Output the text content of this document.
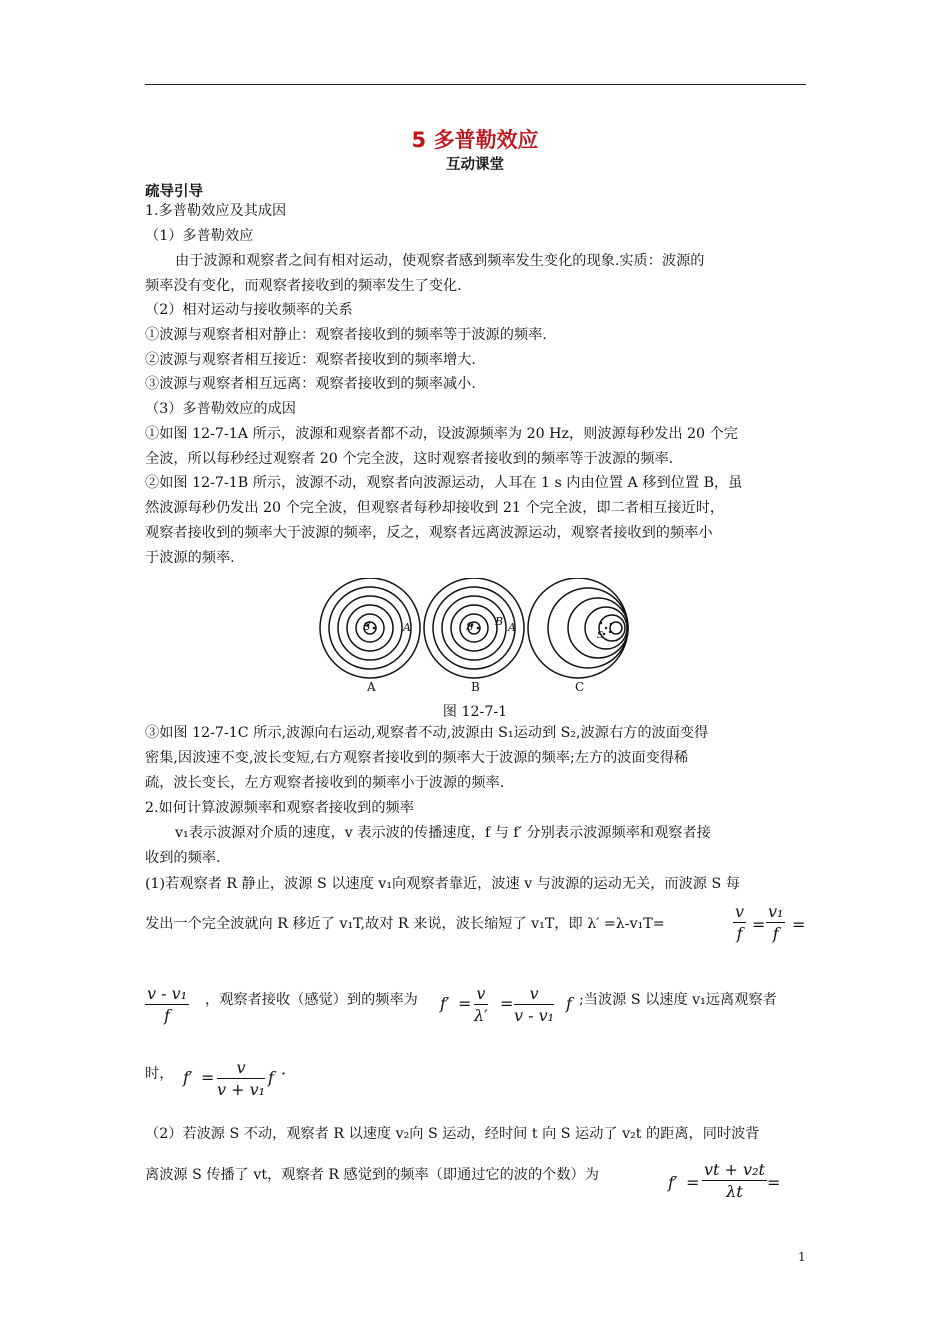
5 多普勒效应
互动课堂
疏导引导
1.多普勒效应及其成因
（1）多普勒效应
由于波源和观察者之间有相对运动，使观察者感到频率发生变化的现象.实质：波源的
频率没有变化，而观察者接收到的频率发生了变化.
（2）相对运动与接收频率的关系
①波源与观察者相对静止：观察者接收到的频率等于波源的频率.
②波源与观察者相互接近：观察者接收到的频率增大.
③波源与观察者相互远离：观察者接收到的频率减小.
（3）多普勒效应的成因
①如图 12-7-1A 所示，波源和观察者都不动，设波源频率为 20 Hz，则波源每秒发出 20 个完
全波，所以每秒经过观察者 20 个完全波，这时观察者接收到的频率等于波源的频率.
②如图 12-7-1B 所示，波源不动，观察者向波源运动，人耳在 1 s 内由位置 A 移到位置 B，虽
然波源每秒仍发出 20 个完全波，但观察者每秒却接收到 21 个完全波，即二者相互接近时，
观察者接收到的频率大于波源的频率，反之，观察者远离波源运动，观察者接收到的频率小
于波源的频率.
S	A	S B A
S
A	B	C
图 12-7-1
③如图 12-7-1C 所示,波源向右运动,观察者不动,波源由 S₁运动到 S₂,波源右方的波面变得
密集,因波速不变,波长变短,右方观察者接收到的频率大于波源的频率;左方的波面变得稀
疏，波长变长，左方观察者接收到的频率小于波源的频率.
2.如何计算波源频率和观察者接收到的频率
v₁表示波源对介质的速度，v 表示波的传播速度，f 与 f′ 分别表示波源频率和观察者接
收到的频率.
(1)若观察者 R 静止，波源 S 以速度 v₁向观察者靠近，波速 v 与波源的运动无关，而波源 S 每
发出一个完全波就向 R 移近了 v₁T,故对 R 来说，波长缩短了 v₁T，即 λ′ =λ-v₁T=	$\frac{v}{f} = \frac{\text{v₁}}{f}$ =
$\frac{\text{v - v₁}}{f}$ ，观察者接收（感觉）到的频率为	$f' = \frac{v}{\lambda'} = \frac{v}{\text{v - v₁}}$ f ;当波源 S 以速度 v₁远离观察者
时， $f' = \frac{v}{\text{v + v₁}}$ f ·
（2）若波源 S 不动，观察者 R 以速度 v₂向 S 运动，经时间 t 向 S 运动了 v₂t 的距离，同时波背
离波源 S 传播了 vt，观察者 R 感觉到的频率（即通过它的波的个数）为	$f' = \frac{\text{vt + v₂t}}{\lambda t}$ =
1
